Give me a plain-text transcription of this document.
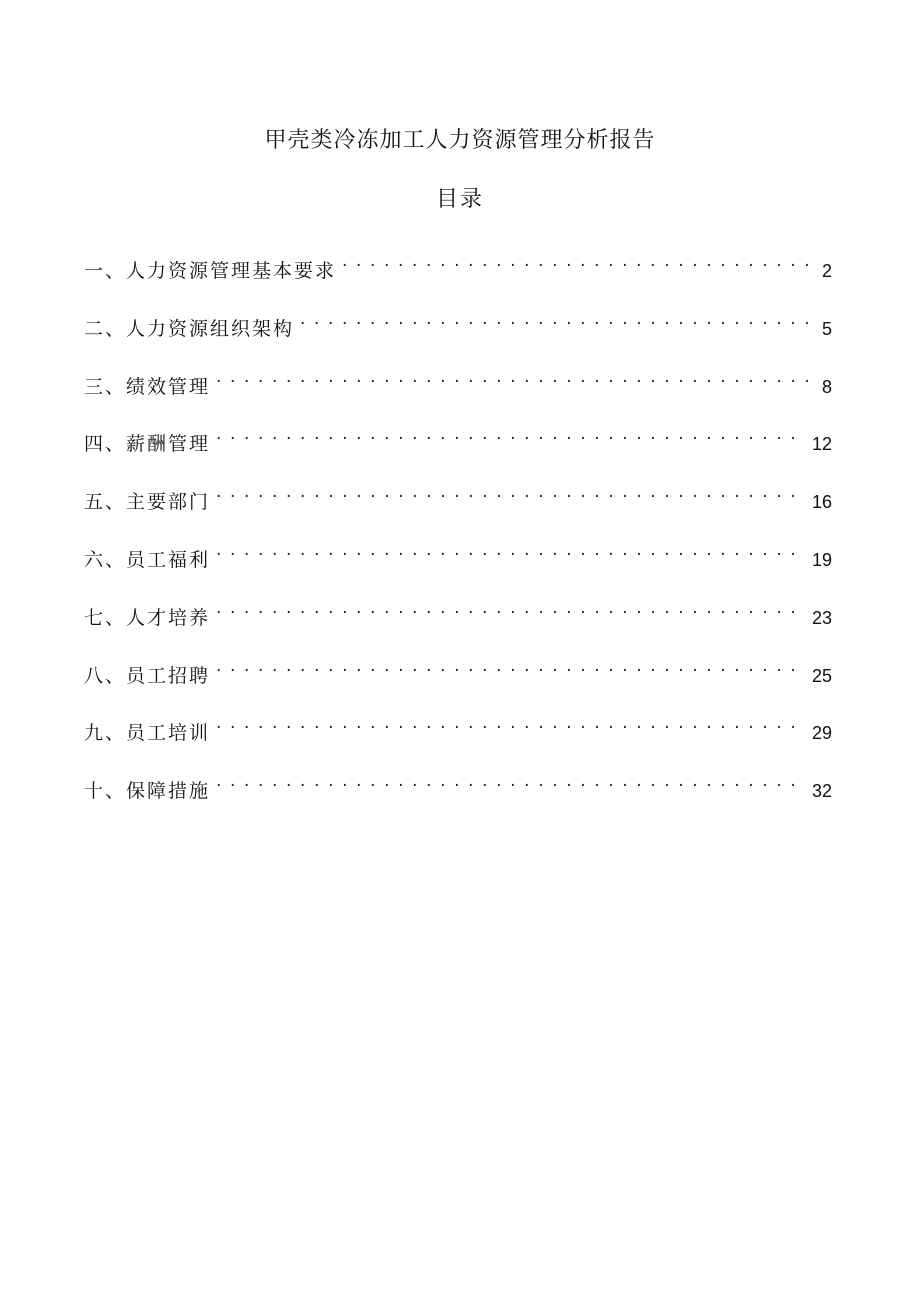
甲壳类冷冻加工人力资源管理分析报告
目录
一、人力资源管理基本要求 . . .	2
二、人力资源组织架构 . . .	5
三、绩效管理 . . .	8
四、薪酬管理 . . .	12
五、主要部门 . . .	16
六、员工福利 . . .	19
七、人才培养 . . .	23
八、员工招聘 . . .	25
九、员工培训 . . .	29
十、保障措施 . . .	32
